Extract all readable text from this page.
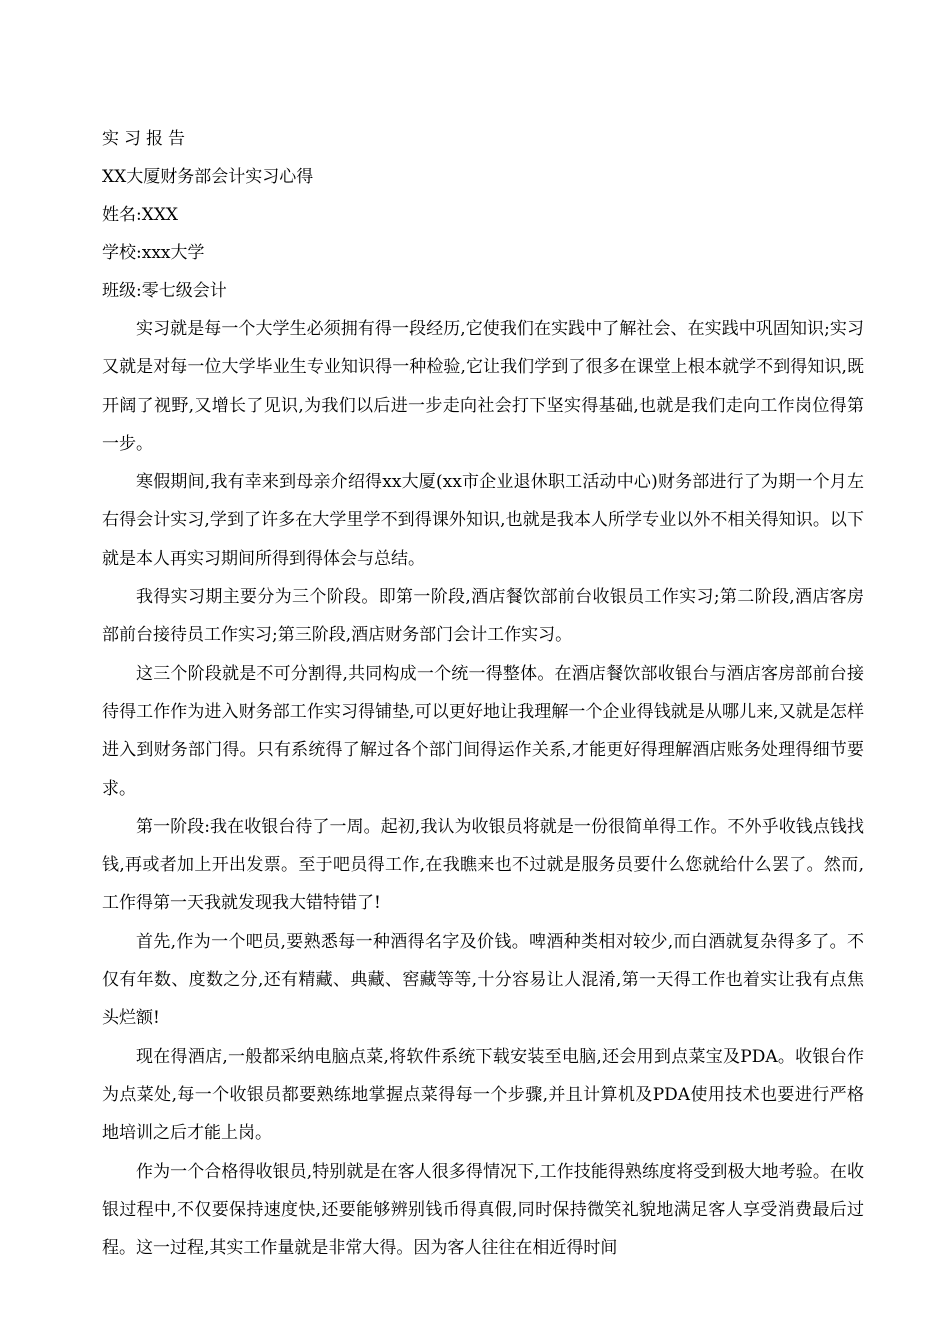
实习报告
XX大厦财务部会计实习心得
姓名:XXX
学校:xxx大学
班级:零七级会计

实习就是每一个大学生必须拥有得一段经历,它使我们在实践中了解社会、在实践中巩固知识;实习又就是对每一位大学毕业生专业知识得一种检验,它让我们学到了很多在课堂上根本就学不到得知识,既开阔了视野,又增长了见识,为我们以后进一步走向社会打下坚实得基础,也就是我们走向工作岗位得第一步。

寒假期间,我有幸来到母亲介绍得xx大厦(xx市企业退休职工活动中心)财务部进行了为期一个月左右得会计实习,学到了许多在大学里学不到得课外知识,也就是我本人所学专业以外不相关得知识。以下就是本人再实习期间所得到得体会与总结。

我得实习期主要分为三个阶段。即第一阶段,酒店餐饮部前台收银员工作实习;第二阶段,酒店客房部前台接待员工作实习;第三阶段,酒店财务部门会计工作实习。

这三个阶段就是不可分割得,共同构成一个统一得整体。在酒店餐饮部收银台与酒店客房部前台接待得工作作为进入财务部工作实习得铺垫,可以更好地让我理解一个企业得钱就是从哪儿来,又就是怎样进入到财务部门得。只有系统得了解过各个部门间得运作关系,才能更好得理解酒店账务处理得细节要求。

第一阶段:我在收银台待了一周。起初,我认为收银员将就是一份很简单得工作。不外乎收钱点钱找钱,再或者加上开出发票。至于吧员得工作,在我瞧来也不过就是服务员要什么您就给什么罢了。然而,工作得第一天我就发现我大错特错了!

首先,作为一个吧员,要熟悉每一种酒得名字及价钱。啤酒种类相对较少,而白酒就复杂得多了。不仅有年数、度数之分,还有精藏、典藏、窖藏等等,十分容易让人混淆,第一天得工作也着实让我有点焦头烂额!

现在得酒店,一般都采纳电脑点菜,将软件系统下载安装至电脑,还会用到点菜宝及PDA。收银台作为点菜处,每一个收银员都要熟练地掌握点菜得每一个步骤,并且计算机及PDA使用技术也要进行严格地培训之后才能上岗。

作为一个合格得收银员,特别就是在客人很多得情况下,工作技能得熟练度将受到极大地考验。在收银过程中,不仅要保持速度快,还要能够辨别钱币得真假,同时保持微笑礼貌地满足客人享受消费最后过程。这一过程,其实工作量就是非常大得。因为客人往往在相近得时间
